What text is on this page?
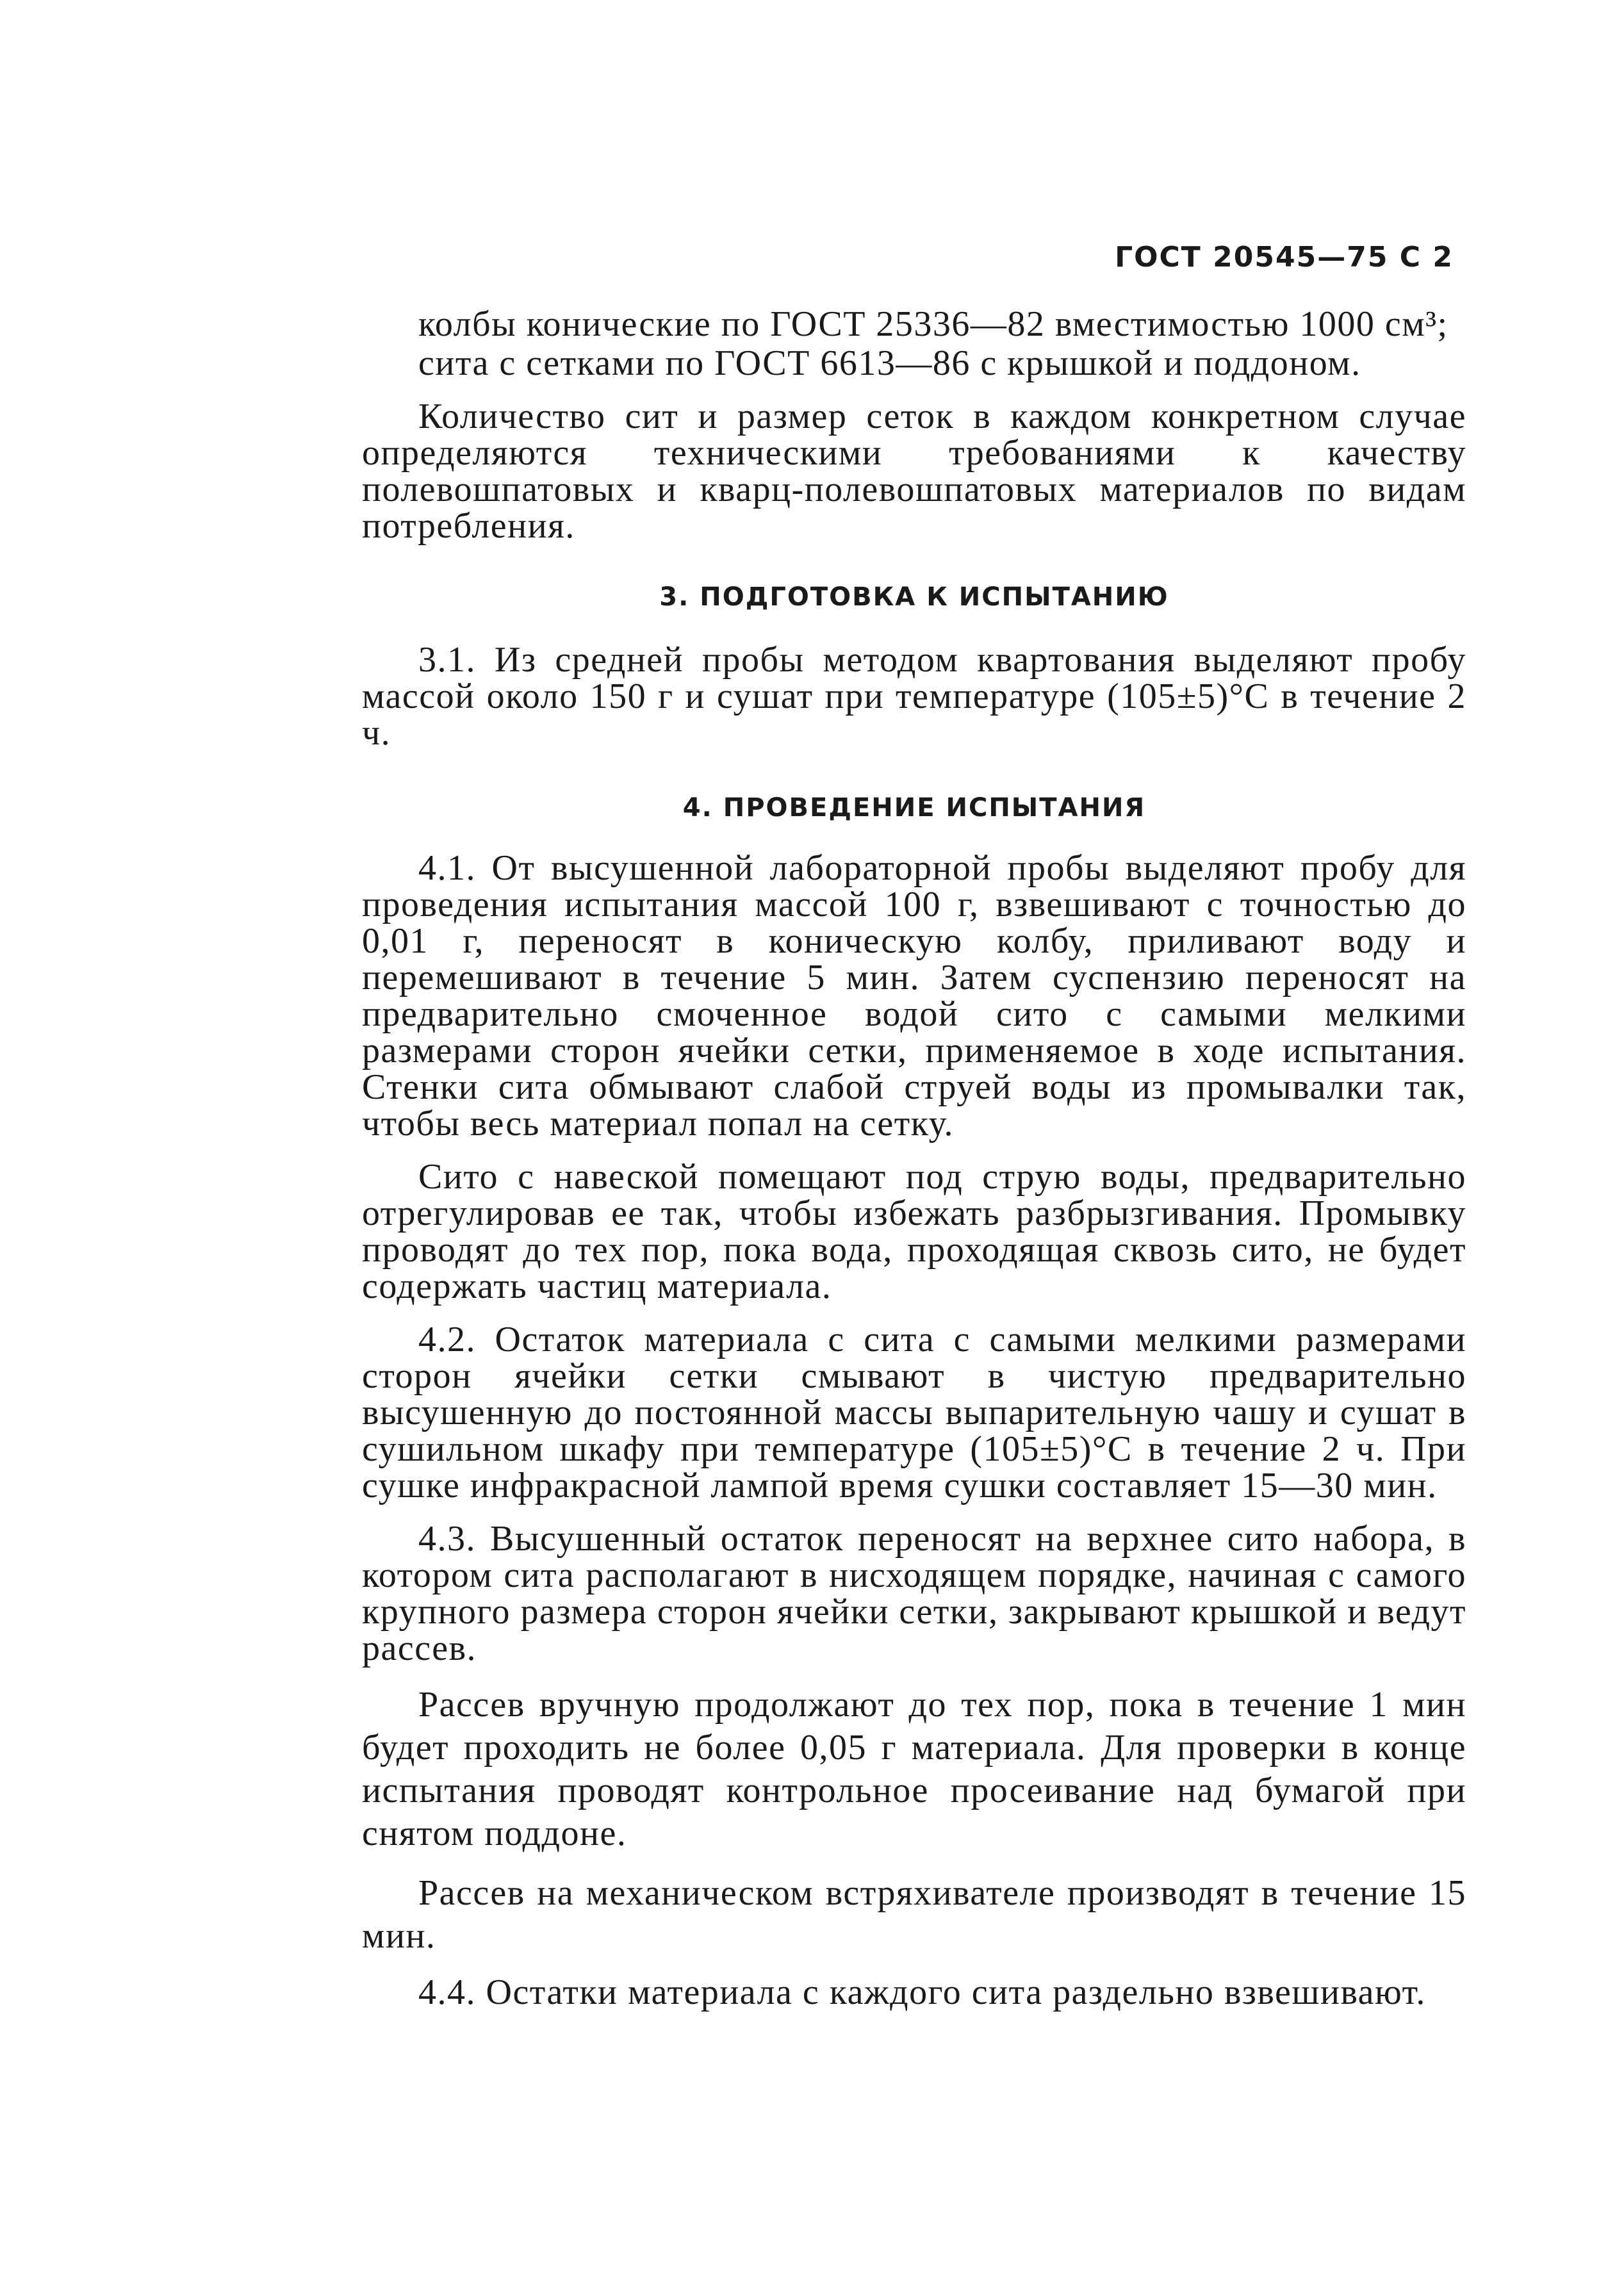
ГОСТ 20545—75 С 2

колбы конические по ГОСТ 25336—82 вместимостью 1000 см³;

сита с сетками по ГОСТ 6613—86 с крышкой и поддоном.

Количество сит и размер сеток в каждом конкретном случае определяются техническими требованиями к качеству полевошпатовых и кварц-полевошпатовых материалов по видам потребления.

3. ПОДГОТОВКА К ИСПЫТАНИЮ

3.1. Из средней пробы методом квартования выделяют пробу массой около 150 г и сушат при температуре (105±5)°С в течение 2 ч.

4. ПРОВЕДЕНИЕ ИСПЫТАНИЯ

4.1. От высушенной лабораторной пробы выделяют пробу для проведения испытания массой 100 г, взвешивают с точностью до 0,01 г, переносят в коническую колбу, приливают воду и перемешивают в течение 5 мин. Затем суспензию переносят на предварительно смоченное водой сито с самыми мелкими размерами сторон ячейки сетки, применяемое в ходе испытания. Стенки сита обмывают слабой струей воды из промывалки так, чтобы весь материал попал на сетку.

Сито с навеской помещают под струю воды, предварительно отрегулировав ее так, чтобы избежать разбрызгивания. Промывку проводят до тех пор, пока вода, проходящая сквозь сито, не будет содержать частиц материала.

4.2. Остаток материала с сита с самыми мелкими размерами сторон ячейки сетки смывают в чистую предварительно высушенную до постоянной массы выпарительную чашу и сушат в сушильном шкафу при температуре (105±5)°С в течение 2 ч. При сушке инфракрасной лампой время сушки составляет 15—30 мин.

4.3. Высушенный остаток переносят на верхнее сито набора, в котором сита располагают в нисходящем порядке, начиная с самого крупного размера сторон ячейки сетки, закрывают крышкой и ведут рассев.

Рассев вручную продолжают до тех пор, пока в течение 1 мин будет проходить не более 0,05 г материала. Для проверки в конце испытания проводят контрольное просеивание над бумагой при снятом поддоне.

Рассев на механическом встряхивателе производят в течение 15 мин.

4.4. Остатки материала с каждого сита раздельно взвешивают.
